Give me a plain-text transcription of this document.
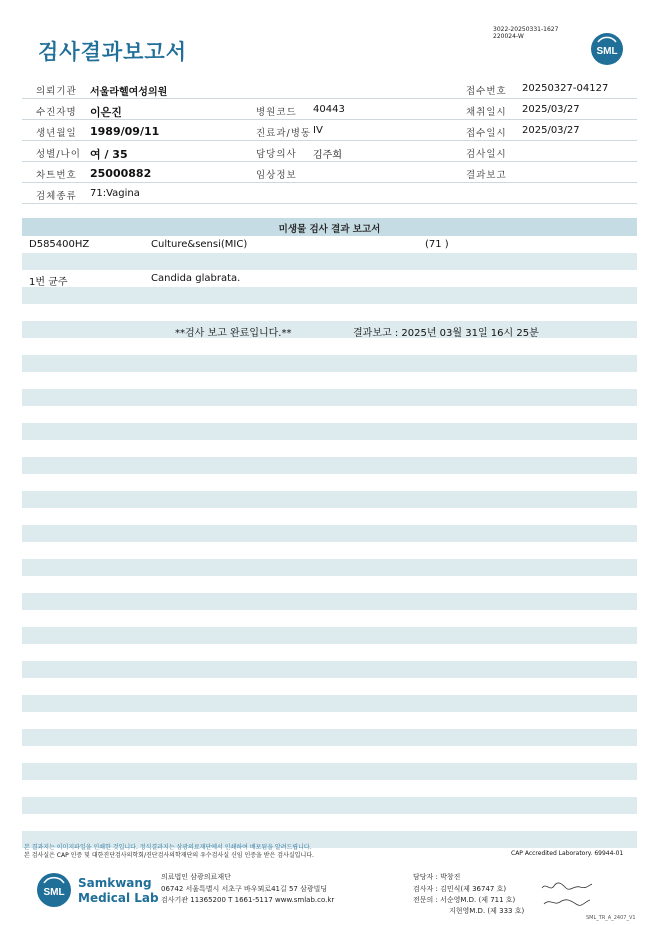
검사결과보고서
3022-20250331-1627
220024-W
SML
의뢰기관 서울라헬여성의원	접수번호 20250327-04127
수진자명 이은진	병원코드 40443	채취일시 2025/03/27
생년월일 1989/09/11	진료과/병동 IV	접수일시 2025/03/27
성별/나이 여 / 35	담당의사 김주희	검사일시
차트번호 25000882	임상정보	결과보고
검체종류 71:Vagina
미생물 검사 결과 보고서
D585400HZ	Culture&sensi(MIC)	(71 )
1번 균주	Candida glabrata.
**검사 보고 완료입니다.**	결과보고 : 2025년 03월 31일 16시 25분
본 결과지는 이미지파일을 인쇄한 것입니다. 정식결과지는 삼광의료재단에서 인쇄하여 배포됨을 알려드립니다.
본 검사실은 CAP 인증 및 대한진단검사의학회/진단검사의학재단의 우수검사실 신임 인증을 받은 검사실입니다.	CAP Accredited Laboratory. 69944-01
SML
Samkwang
Medical Lab
의료법인 삼광의료재단
06742 서울특별시 서초구 바우뫼로41길 57 삼광빌딩
검사기관 11365200 T 1661-5117 www.smlab.co.kr
담당자 : 박창진
검사자 : 김민식(제 36747 호)
전문의 : 서순영M.D. (제 711 호)
지현영M.D. (제 333 호)
SML_TR_A_2407_V1
